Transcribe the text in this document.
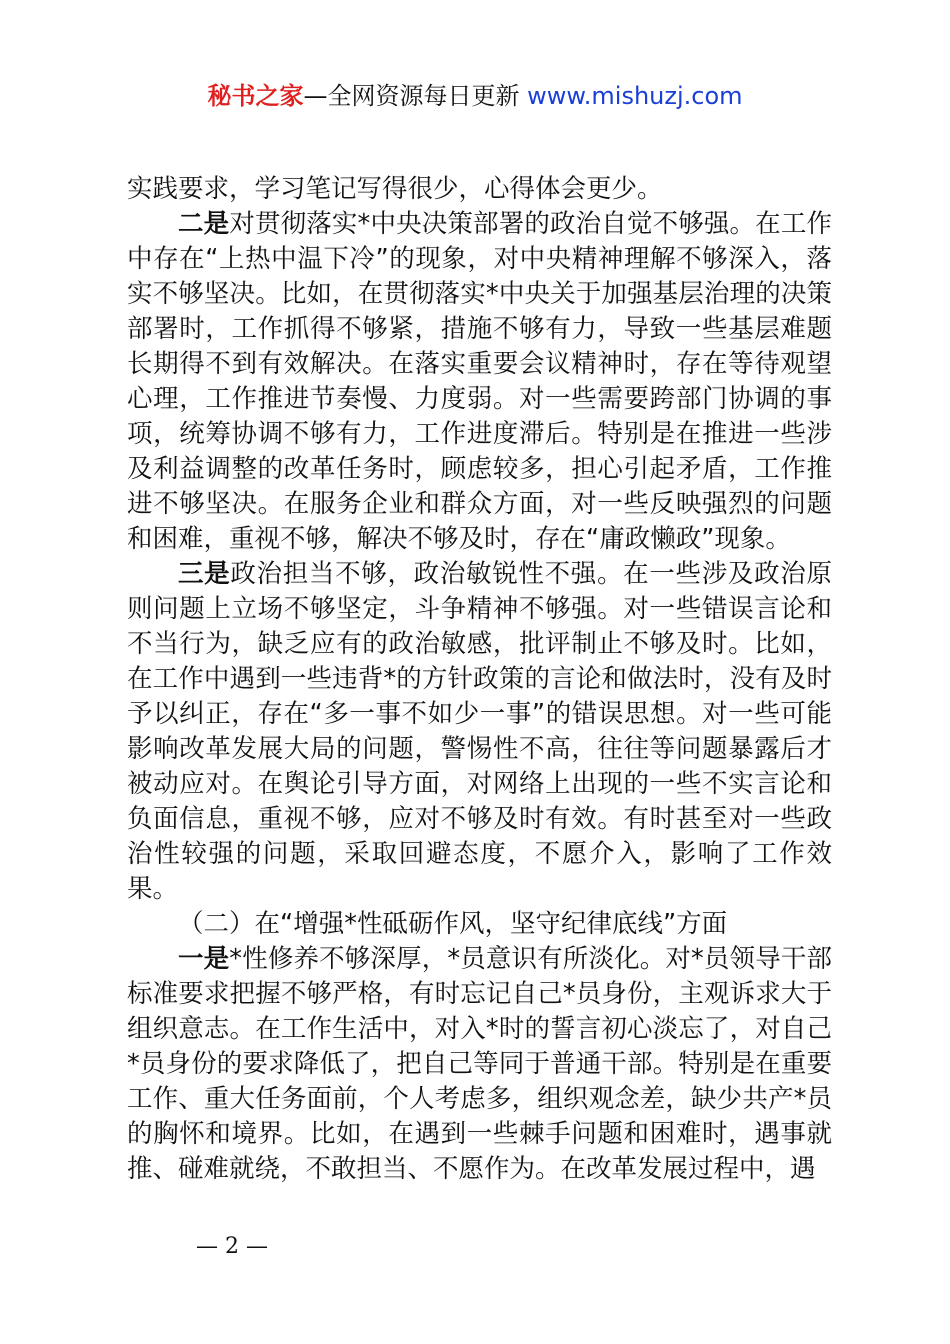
秘书之家—全网资源每日更新 www.mishuzj.com

实践要求，学习笔记写得很少，心得体会更少。

二是对贯彻落实*中央决策部署的政治自觉不够强。在工作中存在“上热中温下冷”的现象，对中央精神理解不够深入，落实不够坚决。比如，在贯彻落实*中央关于加强基层治理的决策部署时，工作抓得不够紧，措施不够有力，导致一些基层难题长期得不到有效解决。在落实重要会议精神时，存在等待观望心理，工作推进节奏慢、力度弱。对一些需要跨部门协调的事项，统筹协调不够有力，工作进度滞后。特别是在推进一些涉及利益调整的改革任务时，顾虑较多，担心引起矛盾，工作推进不够坚决。在服务企业和群众方面，对一些反映强烈的问题和困难，重视不够，解决不够及时，存在“庸政懒政”现象。

三是政治担当不够，政治敏锐性不强。在一些涉及政治原则问题上立场不够坚定，斗争精神不够强。对一些错误言论和不当行为，缺乏应有的政治敏感，批评制止不够及时。比如，在工作中遇到一些违背*的方针政策的言论和做法时，没有及时予以纠正，存在“多一事不如少一事”的错误思想。对一些可能影响改革发展大局的问题，警惕性不高，往往等问题暴露后才被动应对。在舆论引导方面，对网络上出现的一些不实言论和负面信息，重视不够，应对不够及时有效。有时甚至对一些政治性较强的问题，采取回避态度，不愿介入，影响了工作效果。

（二）在“增强*性砥砺作风，坚守纪律底线”方面

一是*性修养不够深厚，*员意识有所淡化。对*员领导干部标准要求把握不够严格，有时忘记自己*员身份，主观诉求大于组织意志。在工作生活中，对入*时的誓言初心淡忘了，对自己*员身份的要求降低了，把自己等同于普通干部。特别是在重要工作、重大任务面前，个人考虑多，组织观念差，缺少共产*员的胸怀和境界。比如，在遇到一些棘手问题和困难时，遇事就推、碰难就绕，不敢担当、不愿作为。在改革发展过程中，遇

— 2 —
